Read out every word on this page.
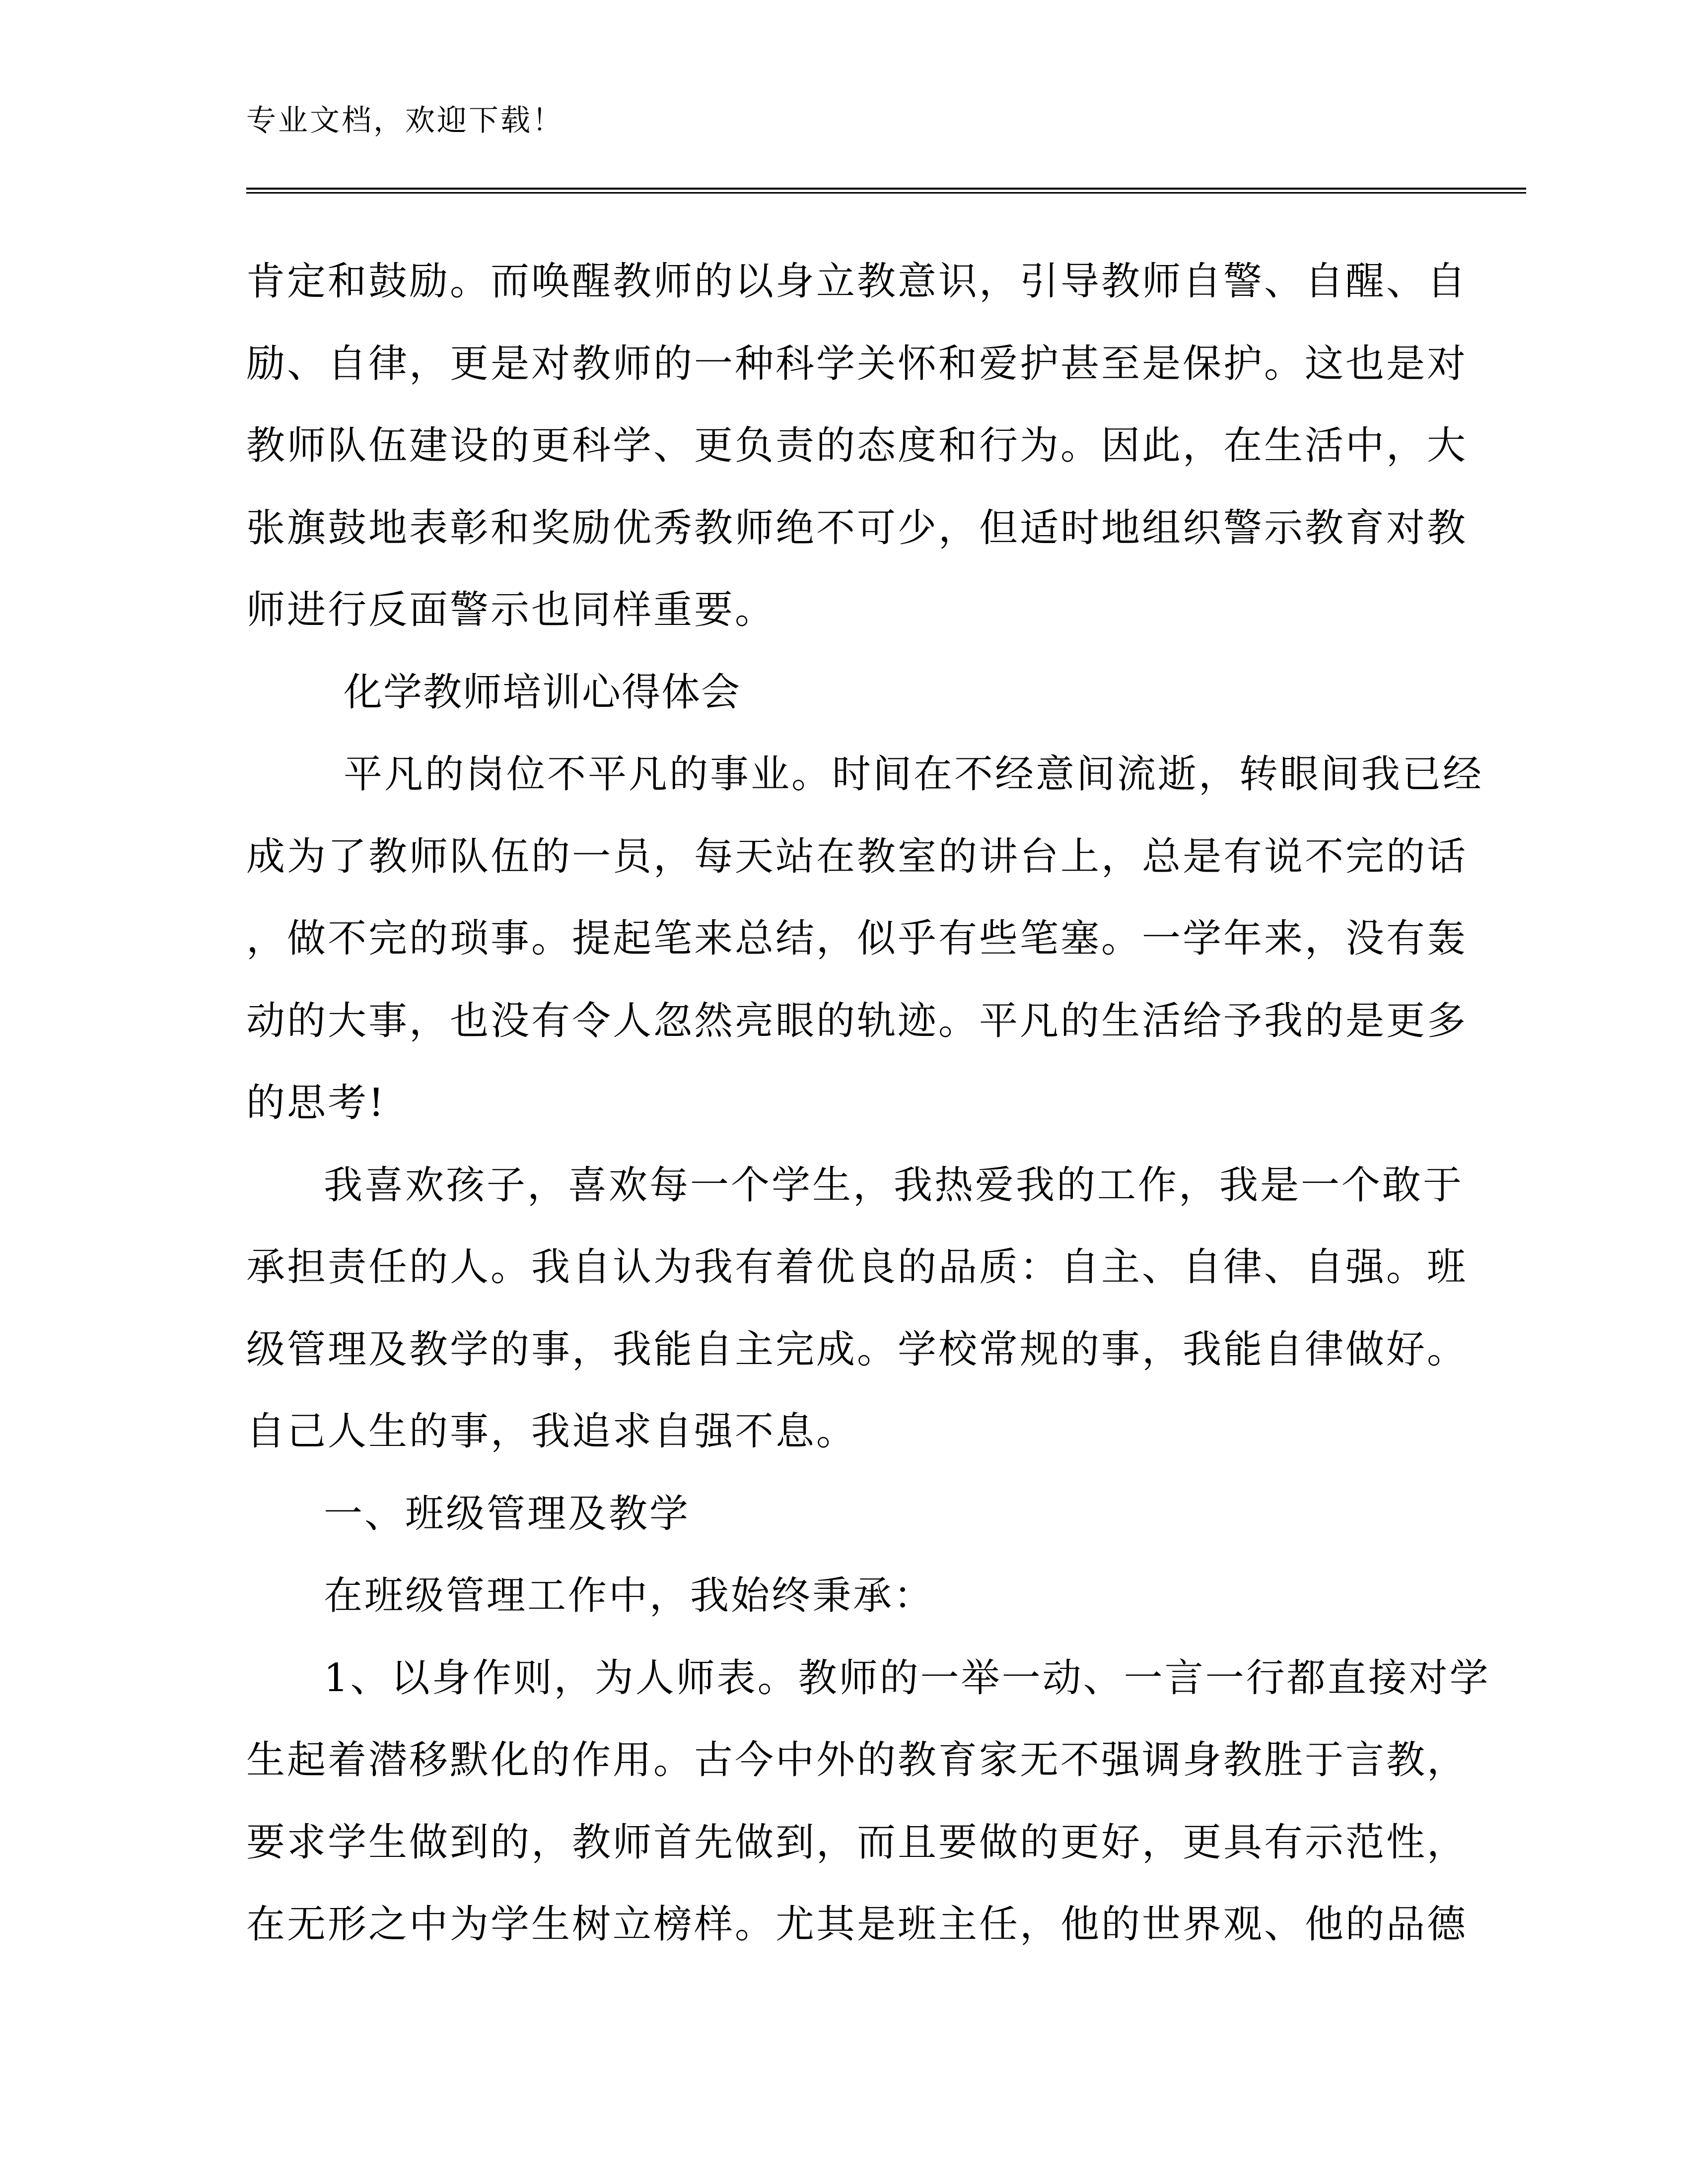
专业文档，欢迎下载！
肯定和鼓励。而唤醒教师的以身立教意识，引导教师自警、自醒、自
励、自律，更是对教师的一种科学关怀和爱护甚至是保护。这也是对
教师队伍建设的更科学、更负责的态度和行为。因此，在生活中，大
张旗鼓地表彰和奖励优秀教师绝不可少，但适时地组织警示教育对教
师进行反面警示也同样重要。
化学教师培训心得体会
平凡的岗位不平凡的事业。时间在不经意间流逝，转眼间我已经
成为了教师队伍的一员，每天站在教室的讲台上，总是有说不完的话
，做不完的琐事。提起笔来总结，似乎有些笔塞。一学年来，没有轰
动的大事，也没有令人忽然亮眼的轨迹。平凡的生活给予我的是更多
的思考!
我喜欢孩子，喜欢每一个学生，我热爱我的工作，我是一个敢于
承担责任的人。我自认为我有着优良的品质：自主、自律、自强。班
级管理及教学的事，我能自主完成。学校常规的事，我能自律做好。
自己人生的事，我追求自强不息。
一、班级管理及教学
在班级管理工作中，我始终秉承：
1、以身作则，为人师表。教师的一举一动、一言一行都直接对学
生起着潜移默化的作用。古今中外的教育家无不强调身教胜于言教，
要求学生做到的，教师首先做到，而且要做的更好，更具有示范性，
在无形之中为学生树立榜样。尤其是班主任，他的世界观、他的品德
